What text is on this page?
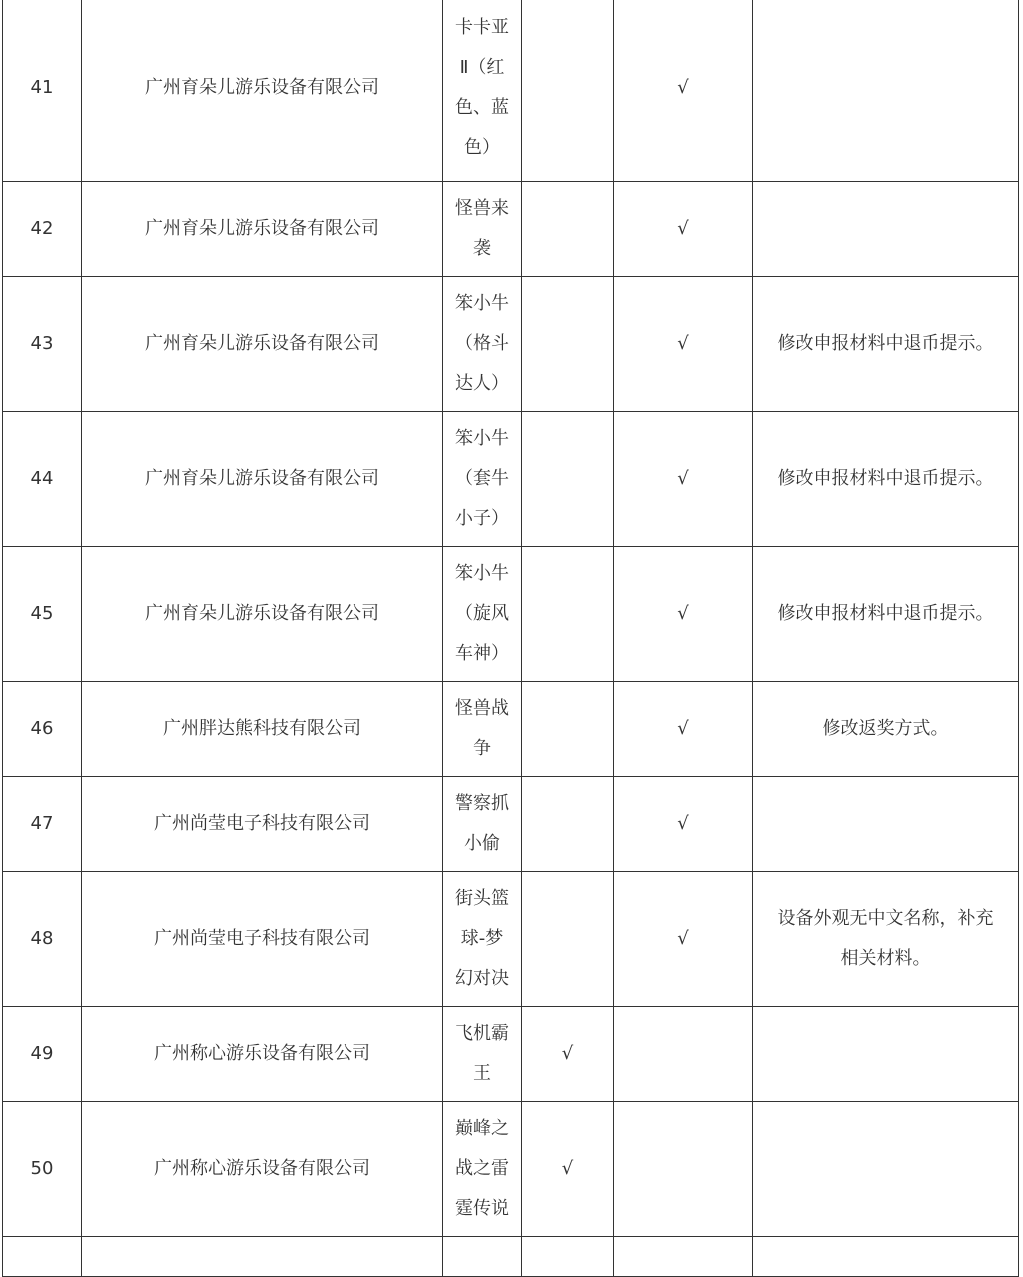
41	广州育朵儿游乐设备有限公司	卡卡亚Ⅱ（红色、蓝色）		√	
42	广州育朵儿游乐设备有限公司	怪兽来袭		√	
43	广州育朵儿游乐设备有限公司	笨小牛（格斗达人）		√	修改申报材料中退币提示。
44	广州育朵儿游乐设备有限公司	笨小牛（套牛小子）		√	修改申报材料中退币提示。
45	广州育朵儿游乐设备有限公司	笨小牛（旋风车神）		√	修改申报材料中退币提示。
46	广州胖达熊科技有限公司	怪兽战争		√	修改返奖方式。
47	广州尚莹电子科技有限公司	警察抓小偷		√	
48	广州尚莹电子科技有限公司	街头篮球-梦幻对决		√	设备外观无中文名称，补充相关材料。
49	广州称心游乐设备有限公司	飞机霸王	√		
50	广州称心游乐设备有限公司	巅峰之战之雷霆传说	√		
